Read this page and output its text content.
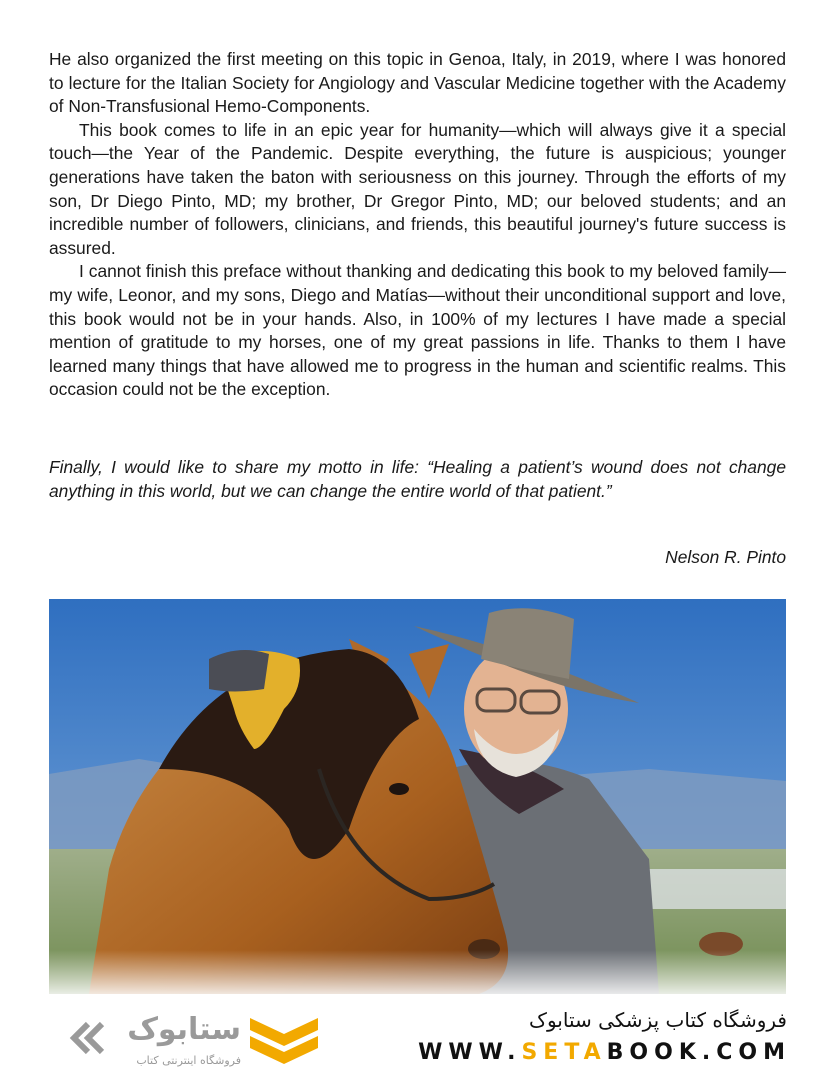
He also organized the first meeting on this topic in Genoa, Italy, in 2019, where I was honored to lecture for the Italian Society for Angiology and Vascular Medicine together with the Academy of Non-Transfusional Hemo-Components.

This book comes to life in an epic year for humanity—which will always give it a special touch—the Year of the Pandemic. Despite everything, the future is auspicious; younger generations have taken the baton with seriousness on this journey. Through the efforts of my son, Dr Diego Pinto, MD; my brother, Dr Gregor Pinto, MD; our beloved students; and an incredible number of followers, clinicians, and friends, this beautiful journey's future success is assured.

I cannot finish this preface without thanking and dedicating this book to my beloved family—my wife, Leonor, and my sons, Diego and Matías—without their unconditional support and love, this book would not be in your hands. Also, in 100% of my lectures I have made a special mention of gratitude to my horses, one of my great passions in life. Thanks to them I have learned many things that have allowed me to progress in the human and scientific realms. This occasion could not be the exception.

Finally, I would like to share my motto in life: “Healing a patient’s wound does not change anything in this world, but we can change the entire world of that patient.”
Nelson R. Pinto
ستابوک
فروشگاه اینترنتی کتاب
فروشگاه کتاب پزشکی ستابوک
WWW.SETABOOK.COM
